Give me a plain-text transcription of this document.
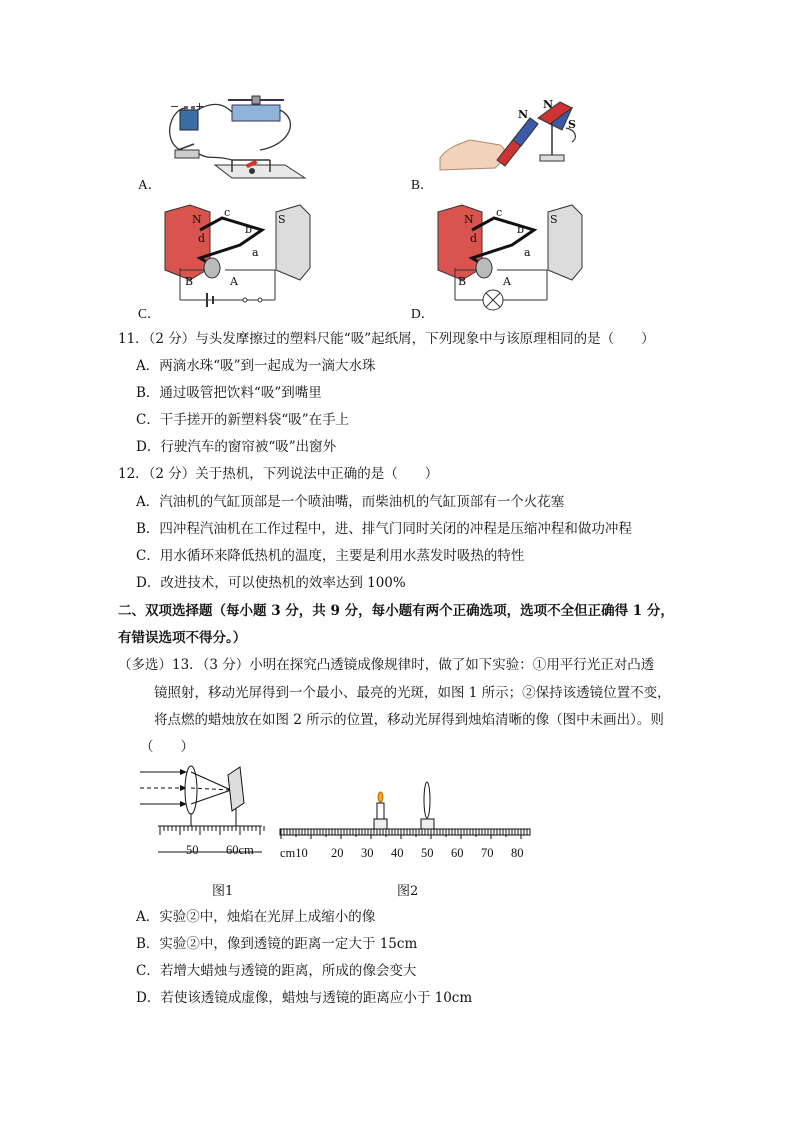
A．
− +
B．
N
N
S
C．
N
c
d
a
b
S
B	A
D．
N
c
d
a
b
S
B	A
11．（2 分）与头发摩擦过的塑料尺能“吸”起纸屑，下列现象中与该原理相同的是（　　）
A．两滴水珠“吸”到一起成为一滴大水珠
B．通过吸管把饮料“吸”到嘴里
C．干手搓开的新塑料袋“吸”在手上
D．行驶汽车的窗帘被“吸”出窗外
12．（2 分）关于热机，下列说法中正确的是（　　）
A．汽油机的气缸顶部是一个喷油嘴，而柴油机的气缸顶部有一个火花塞
B．四冲程汽油机在工作过程中，进、排气门同时关闭的冲程是压缩冲程和做功冲程
C．用水循环来降低热机的温度，主要是利用水蒸发时吸热的特性
D．改进技术，可以使热机的效率达到 100%
二、双项选择题（每小题 3 分，共 9 分，每小题有两个正确选项，选项不全但正确得 1 分，
有错误选项不得分。）
（多选）13．（3 分）小明在探究凸透镜成像规律时，做了如下实验：①用平行光正对凸透
镜照射，移动光屏得到一个最小、最亮的光斑，如图 1 所示；②保持该透镜位置不变，
将点燃的蜡烛放在如图 2 所示的位置，移动光屏得到烛焰清晰的像（图中未画出）。则
（　　）
50 60cm
图1
cm10 20 30 40 50 60 70 80
图2
A．实验②中，烛焰在光屏上成缩小的像
B．实验②中，像到透镜的距离一定大于 15cm
C．若增大蜡烛与透镜的距离，所成的像会变大
D．若使该透镜成虚像，蜡烛与透镜的距离应小于 10cm
